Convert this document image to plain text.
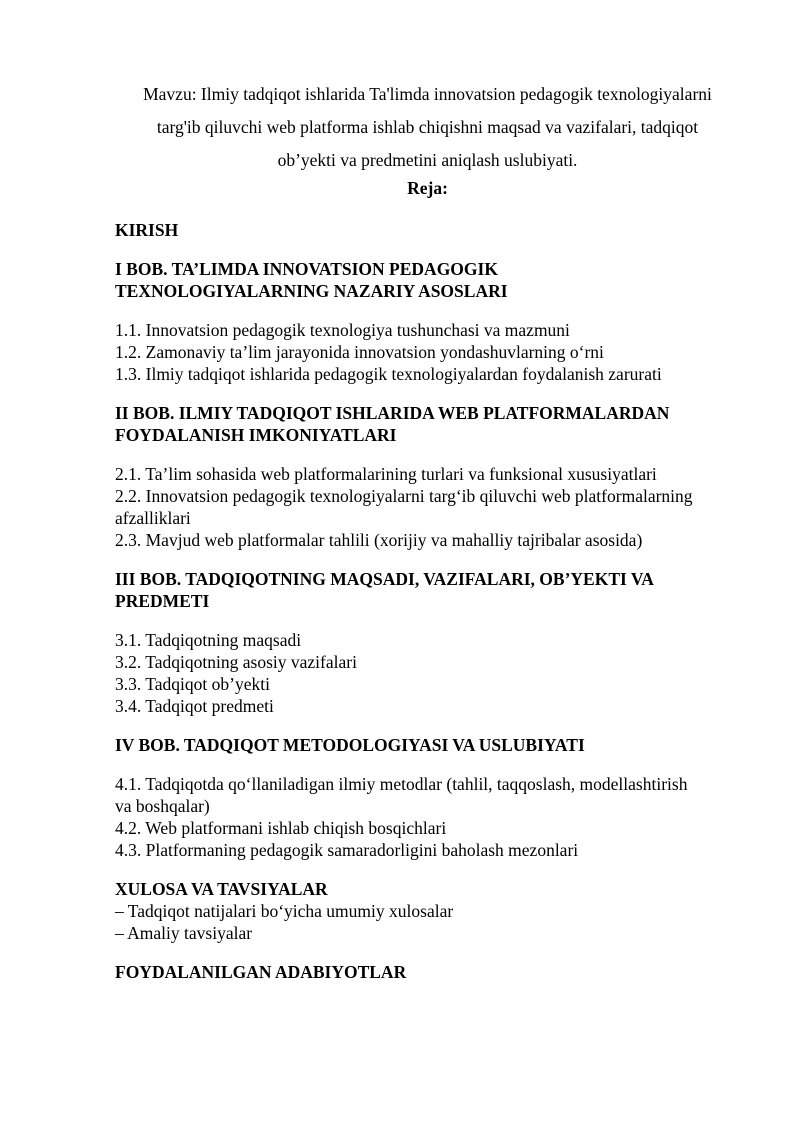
Mavzu: Ilmiy tadqiqot ishlarida Ta'limda innovatsion pedagogik texnologiyalarni

targ'ib qiluvchi web platforma ishlab chiqishni maqsad va vazifalari, tadqiqot

ob’yekti va predmetini aniqlash uslubiyati.

Reja:
KIRISH
I BOB. TA’LIMDA INNOVATSION PEDAGOGIK
TEXNOLOGIYALARNING NAZARIY ASOSLARI
1.1. Innovatsion pedagogik texnologiya tushunchasi va mazmuni
1.2. Zamonaviy ta’lim jarayonida innovatsion yondashuvlarning o‘rni
1.3. Ilmiy tadqiqot ishlarida pedagogik texnologiyalardan foydalanish zarurati
II BOB. ILMIY TADQIQOT ISHLARIDA WEB PLATFORMALARDAN
FOYDALANISH IMKONIYATLARI
2.1. Ta’lim sohasida web platformalarining turlari va funksional xususiyatlari
2.2. Innovatsion pedagogik texnologiyalarni targ‘ib qiluvchi web platformalarning
afzalliklari
2.3. Mavjud web platformalar tahlili (xorijiy va mahalliy tajribalar asosida)
III BOB. TADQIQOTNING MAQSADI, VAZIFALARI, OB’YEKTI VA
PREDMETI
3.1. Tadqiqotning maqsadi
3.2. Tadqiqotning asosiy vazifalari
3.3. Tadqiqot ob’yekti
3.4. Tadqiqot predmeti
IV BOB. TADQIQOT METODOLOGIYASI VA USLUBIYATI
4.1. Tadqiqotda qo‘llaniladigan ilmiy metodlar (tahlil, taqqoslash, modellashtirish
va boshqalar)
4.2. Web platformani ishlab chiqish bosqichlari
4.3. Platformaning pedagogik samaradorligini baholash mezonlari
XULOSA VA TAVSIYALAR
– Tadqiqot natijalari bo‘yicha umumiy xulosalar
– Amaliy tavsiyalar
FOYDALANILGAN ADABIYOTLAR
